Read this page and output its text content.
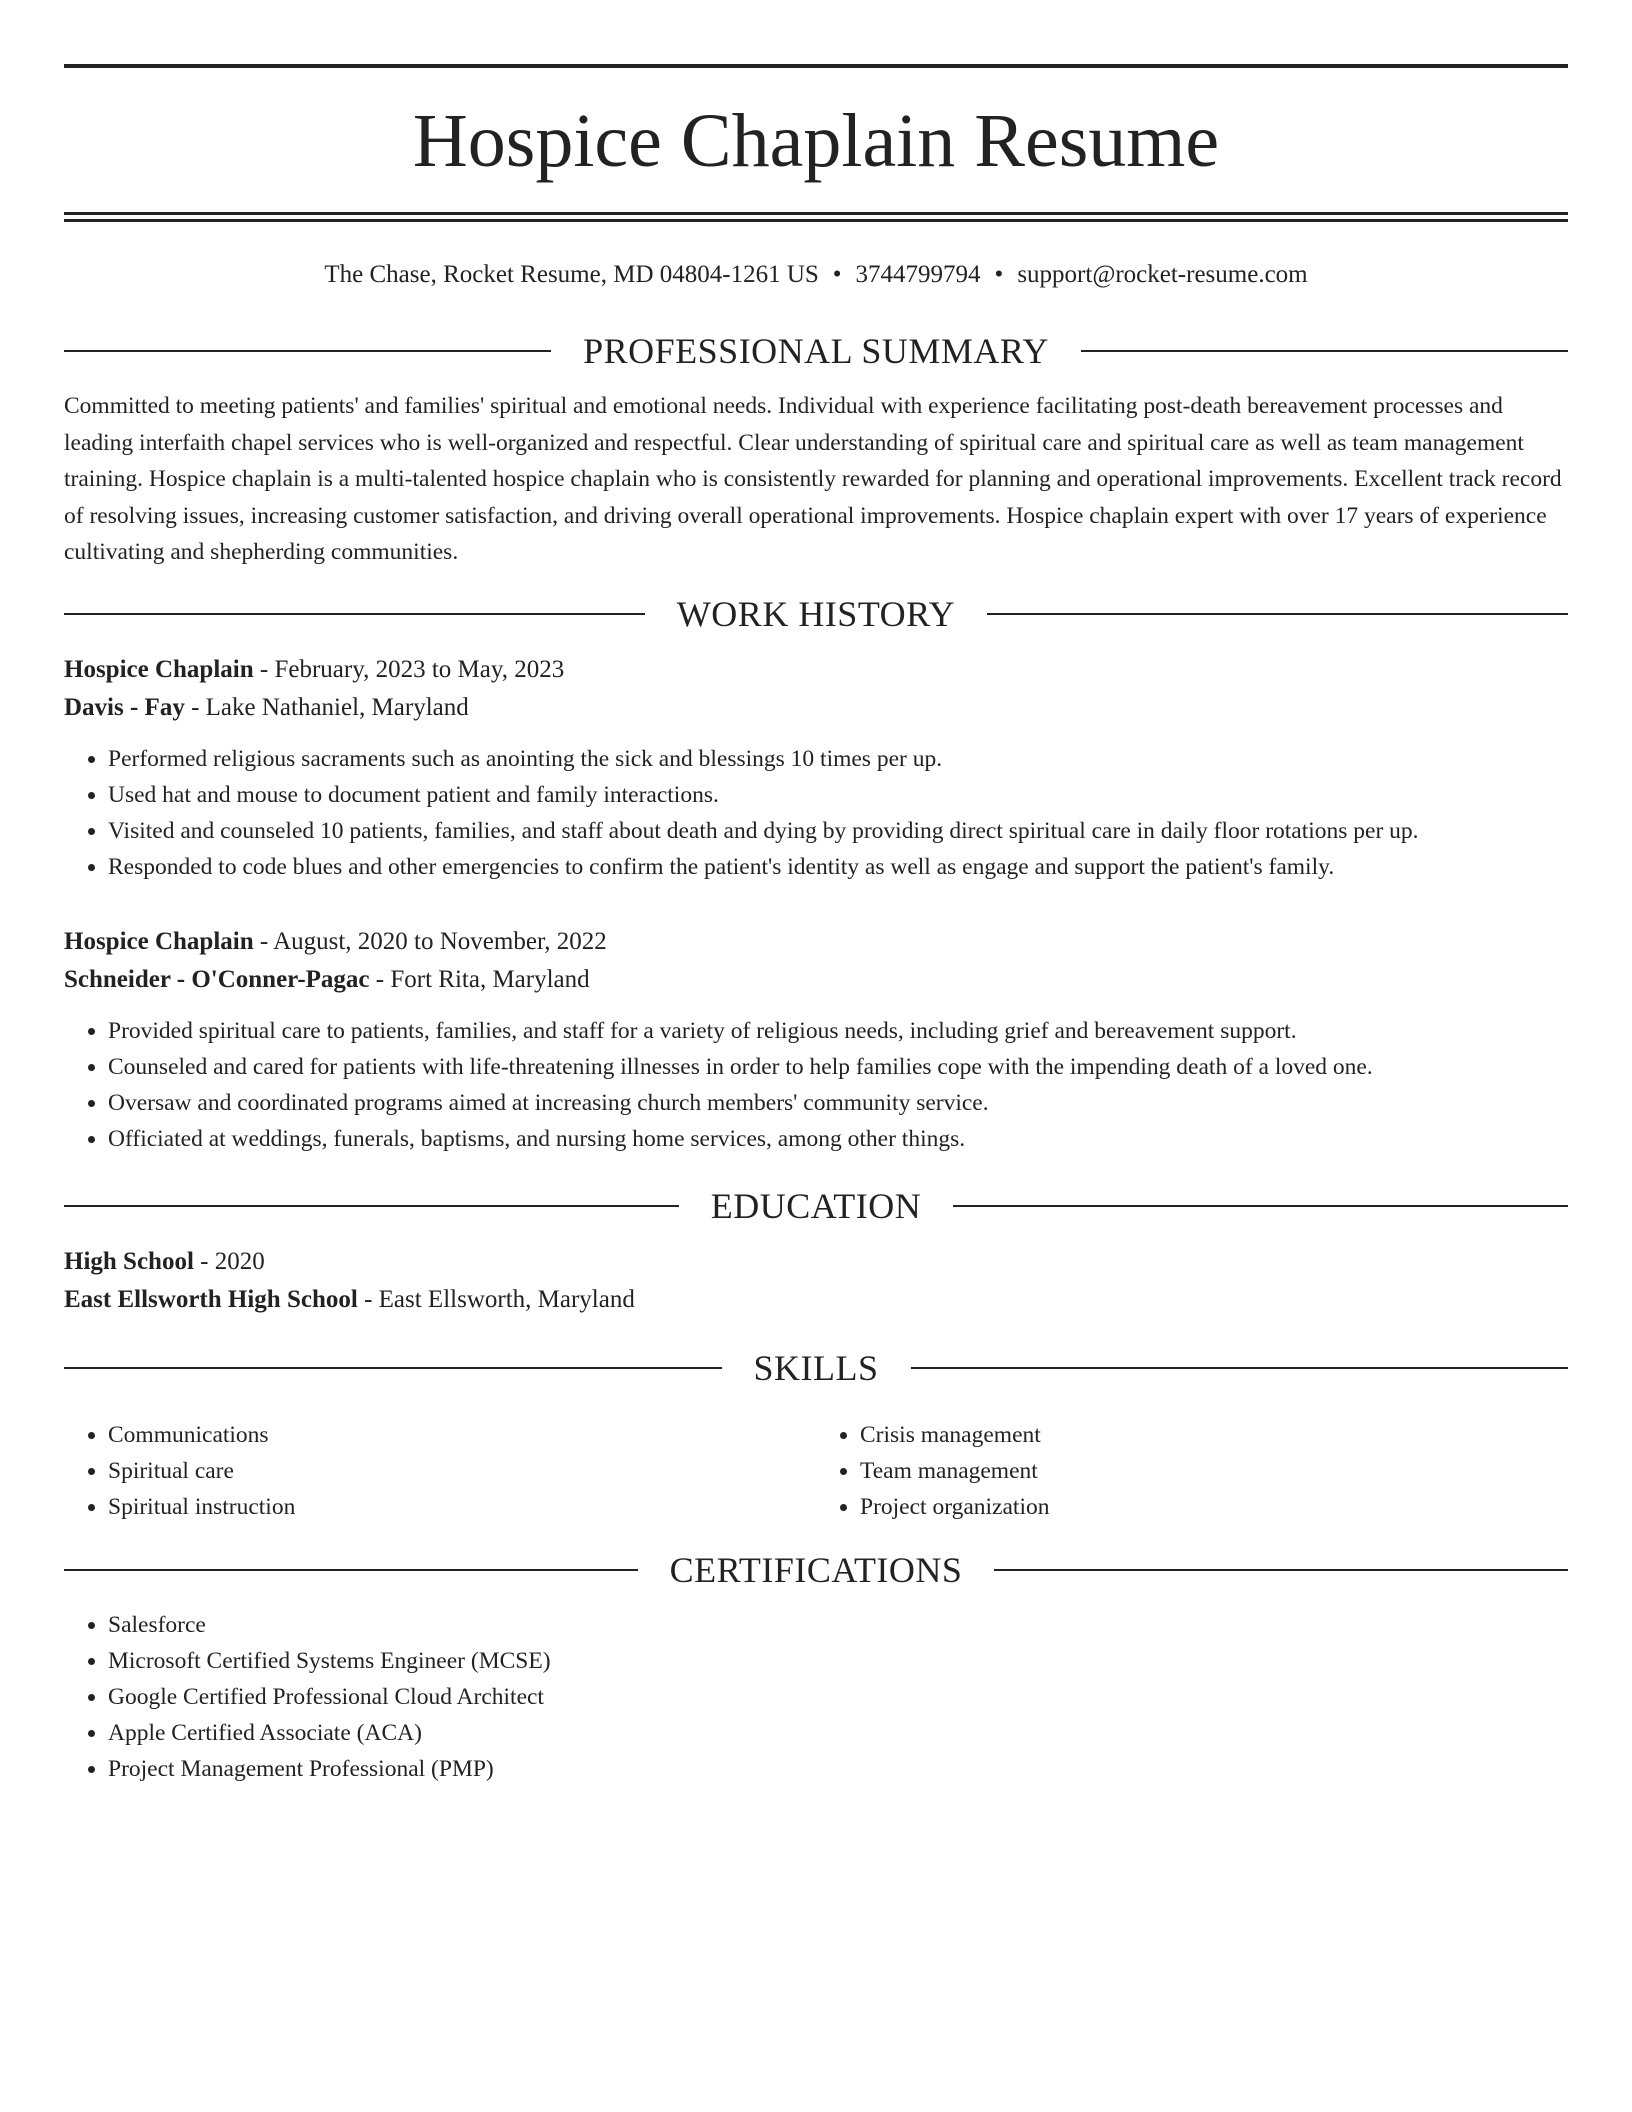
Hospice Chaplain Resume

The Chase, Rocket Resume, MD 04804-1261 US • 3744799794 • support@rocket-resume.com

PROFESSIONAL SUMMARY

Committed to meeting patients' and families' spiritual and emotional needs. Individual with experience facilitating post-death bereavement processes and leading interfaith chapel services who is well-organized and respectful. Clear understanding of spiritual care and spiritual care as well as team management training. Hospice chaplain is a multi-talented hospice chaplain who is consistently rewarded for planning and operational improvements. Excellent track record of resolving issues, increasing customer satisfaction, and driving overall operational improvements. Hospice chaplain expert with over 17 years of experience cultivating and shepherding communities.

WORK HISTORY

Hospice Chaplain - February, 2023 to May, 2023

Davis - Fay - Lake Nathaniel, Maryland

• Performed religious sacraments such as anointing the sick and blessings 10 times per up.
• Used hat and mouse to document patient and family interactions.
• Visited and counseled 10 patients, families, and staff about death and dying by providing direct spiritual care in daily floor rotations per up.
• Responded to code blues and other emergencies to confirm the patient's identity as well as engage and support the patient's family.

Hospice Chaplain - August, 2020 to November, 2022

Schneider - O'Conner-Pagac - Fort Rita, Maryland

• Provided spiritual care to patients, families, and staff for a variety of religious needs, including grief and bereavement support.
• Counseled and cared for patients with life-threatening illnesses in order to help families cope with the impending death of a loved one.
• Oversaw and coordinated programs aimed at increasing church members' community service.
• Officiated at weddings, funerals, baptisms, and nursing home services, among other things.
EDUCATION

High School - 2020

East Ellsworth High School - East Ellsworth, Maryland

SKILLS
• Communications
• Spiritual care
• Spiritual instruction
• Crisis management
• Team management
• Project organization
CERTIFICATIONS
• Salesforce
• Microsoft Certified Systems Engineer (MCSE)
• Google Certified Professional Cloud Architect
• Apple Certified Associate (ACA)
• Project Management Professional (PMP)
